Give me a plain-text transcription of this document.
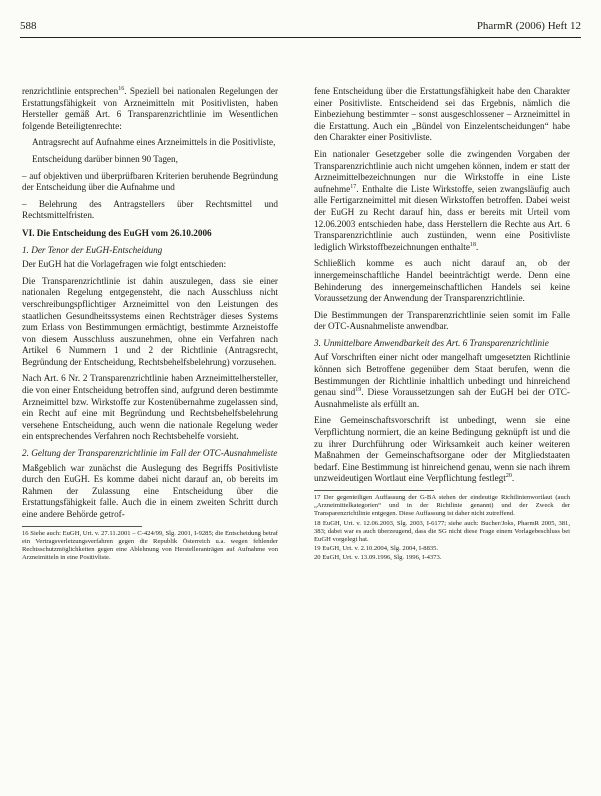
588	PharmR (2006) Heft 12

renzrichtlinie entsprechen$^{16}$. Speziell bei nationalen Regelungen der Erstattungsfähigkeit von Arzneimitteln mit Positivlisten, haben Hersteller gemäß Art. 6 Transparenzrichtlinie im Wesentlichen folgende Beteiligtenrechte:

Antragsrecht auf Aufnahme eines Arzneimittels in die Positivliste,

Entscheidung darüber binnen 90 Tagen,

– auf objektiven und überprüfbaren Kriterien beruhende Begründung der Entscheidung über die Aufnahme und

– Belehrung des Antragstellers über Rechtsmittel und Rechtsmittelfristen.

VI. Die Entscheidung des EuGH vom 26.10.2006

1. Der Tenor der EuGH-Entscheidung

Der EuGH hat die Vorlagefragen wie folgt entschieden:

Die Transparenzrichtlinie ist dahin auszulegen, dass sie einer nationalen Regelung entgegensteht, die nach Ausschluss nicht verschreibungspflichtiger Arzneimittel von den Leistungen des staatlichen Gesundheitssystems einen Rechtsträger dieses Systems zum Erlass von Bestimmungen ermächtigt, bestimmte Arzneistoffe von diesem Ausschluss auszunehmen, ohne ein Verfahren nach Artikel 6 Nummern 1 und 2 der Richtlinie (Antragsrecht, Begründung der Entscheidung, Rechtsbehelfsbelehrung) vorzusehen.

Nach Art. 6 Nr. 2 Transparenzrichtlinie haben Arzneimittelhersteller, die von einer Entscheidung betroffen sind, aufgrund deren bestimmte Arzneimittel bzw. Wirkstoffe zur Kostenübernahme zugelassen sind, ein Recht auf eine mit Begründung und Rechtsbehelfsbelehrung versehene Entscheidung, auch wenn die nationale Regelung weder ein entsprechendes Verfahren noch Rechtsbehelfe vorsieht.

2. Geltung der Transparenzrichtlinie im Fall der OTC-Ausnahmeliste

Maßgeblich war zunächst die Auslegung des Begriffs Positivliste durch den EuGH. Es komme dabei nicht darauf an, ob bereits im Rahmen der Zulassung eine Entscheidung über die Erstattungsfähigkeit falle. Auch die in einem zweiten Schritt durch eine andere Behörde getrof-

16 Siehe auch: EuGH, Urt. v. 27.11.2001 – C-424/99, Slg. 2001, I-9285; die Entscheidung betraf ein Vertragsverletzungsverfahren gegen die Republik Österreich u.a. wegen fehlender Rechtsschutzmöglichkeiten gegen eine Ablehnung von Herstelleranträgen auf Aufnahme von Arzneimitteln in eine Positivliste.

fene Entscheidung über die Erstattungsfähigkeit habe den Charakter einer Positivliste. Entscheidend sei das Ergebnis, nämlich die Einbeziehung bestimmter – sonst ausgeschlossener – Arzneimittel in die Erstattung. Auch ein „Bündel von Einzelentscheidungen“ habe den Charakter einer Positivliste.

Ein nationaler Gesetzgeber solle die zwingenden Vorgaben der Transparenzrichtlinie auch nicht umgehen können, indem er statt der Arzneimittelbezeichnungen nur die Wirkstoffe in eine Liste aufnehme$^{17}$. Enthalte die Liste Wirkstoffe, seien zwangsläufig auch alle Fertigarzneimittel mit diesen Wirkstoffen betroffen. Dabei weist der EuGH zu Recht darauf hin, dass er bereits mit Urteil vom 12.06.2003 entschieden habe, dass Herstellern die Rechte aus Art. 6 Transparenzrichtlinie auch zustünden, wenn eine Positivliste lediglich Wirkstoffbezeichnungen enthalte$^{18}$.

Schließlich komme es auch nicht darauf an, ob der innergemeinschaftliche Handel beeinträchtigt werde. Denn eine Behinderung des innergemeinschaftlichen Handels sei keine Voraussetzung der Anwendung der Transparenzrichtlinie.

Die Bestimmungen der Transparenzrichtlinie seien somit im Falle der OTC-Ausnahmeliste anwendbar.

3. Unmittelbare Anwendbarkeit des Art. 6 Transparenzrichtlinie

Auf Vorschriften einer nicht oder mangelhaft umgesetzten Richtlinie können sich Betroffene gegenüber dem Staat berufen, wenn die Bestimmungen der Richtlinie inhaltlich unbedingt und hinreichend genau sind$^{19}$. Diese Voraussetzungen sah der EuGH bei der OTC-Ausnahmeliste als erfüllt an.

Eine Gemeinschaftsvorschrift ist unbedingt, wenn sie eine Verpflichtung normiert, die an keine Bedingung geknüpft ist und die zu ihrer Durchführung oder Wirksamkeit auch keiner weiteren Maßnahmen der Gemeinschaftsorgane oder der Mitgliedstaaten bedarf. Eine Bestimmung ist hinreichend genau, wenn sie nach ihrem unzweideutigen Wortlaut eine Verpflichtung festlegt$^{20}$.

17 Der gegenteiligen Auffassung der G-BA stehen der eindeutige Richtlinienwortlaut (auch „Arzneimittelkategorien“ und in der Richtlinie genannt) und der Zweck der Transparenzrichtlinie entgegen. Diese Auffassung ist daher nicht zutreffend.

18 EuGH, Urt. v. 12.06.2003, Slg. 2003, I-6177; siehe auch: Bucher/Joks, PharmR 2005, 381, 383; dabei war es auch überzeugend, dass die SG nicht diese Frage einem Vorlagebeschluss bei EuGH vorgelegt hat.

19 EuGH, Urt. v. 2.10.2004, Slg. 2004, I-8835.

20 EuGH, Urt. v. 13.09.1996, Slg. 1996, I-4373.
